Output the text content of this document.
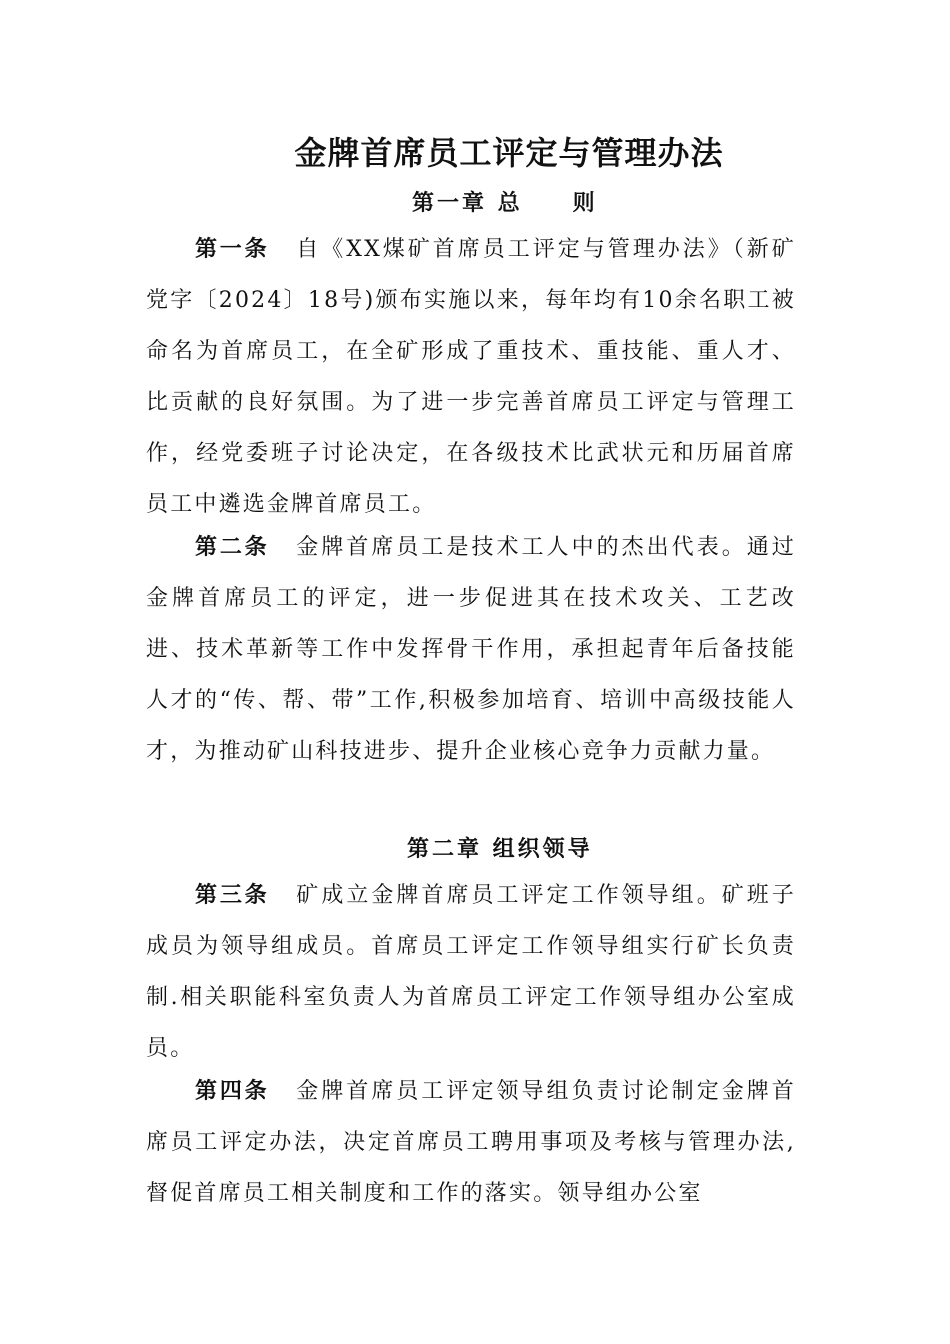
金牌首席员工评定与管理办法
第一章 总　　则

第一条 自《XX煤矿首席员工评定与管理办法》（新矿党字〔2024〕18号)颁布实施以来，每年均有10余名职工被命名为首席员工，在全矿形成了重技术、重技能、重人才、比贡献的良好氛围。为了进一步完善首席员工评定与管理工作，经党委班子讨论决定，在各级技术比武状元和历届首席员工中遴选金牌首席员工。

第二条 金牌首席员工是技术工人中的杰出代表。通过金牌首席员工的评定，进一步促进其在技术攻关、工艺改进、技术革新等工作中发挥骨干作用，承担起青年后备技能人才的“传、帮、带”工作,积极参加培育、培训中高级技能人才，为推动矿山科技进步、提升企业核心竞争力贡献力量。

第二章 组织领导

第三条 矿成立金牌首席员工评定工作领导组。矿班子成员为领导组成员。首席员工评定工作领导组实行矿长负责制.相关职能科室负责人为首席员工评定工作领导组办公室成员。

第四条 金牌首席员工评定领导组负责讨论制定金牌首席员工评定办法，决定首席员工聘用事项及考核与管理办法,督促首席员工相关制度和工作的落实。领导组办公室
